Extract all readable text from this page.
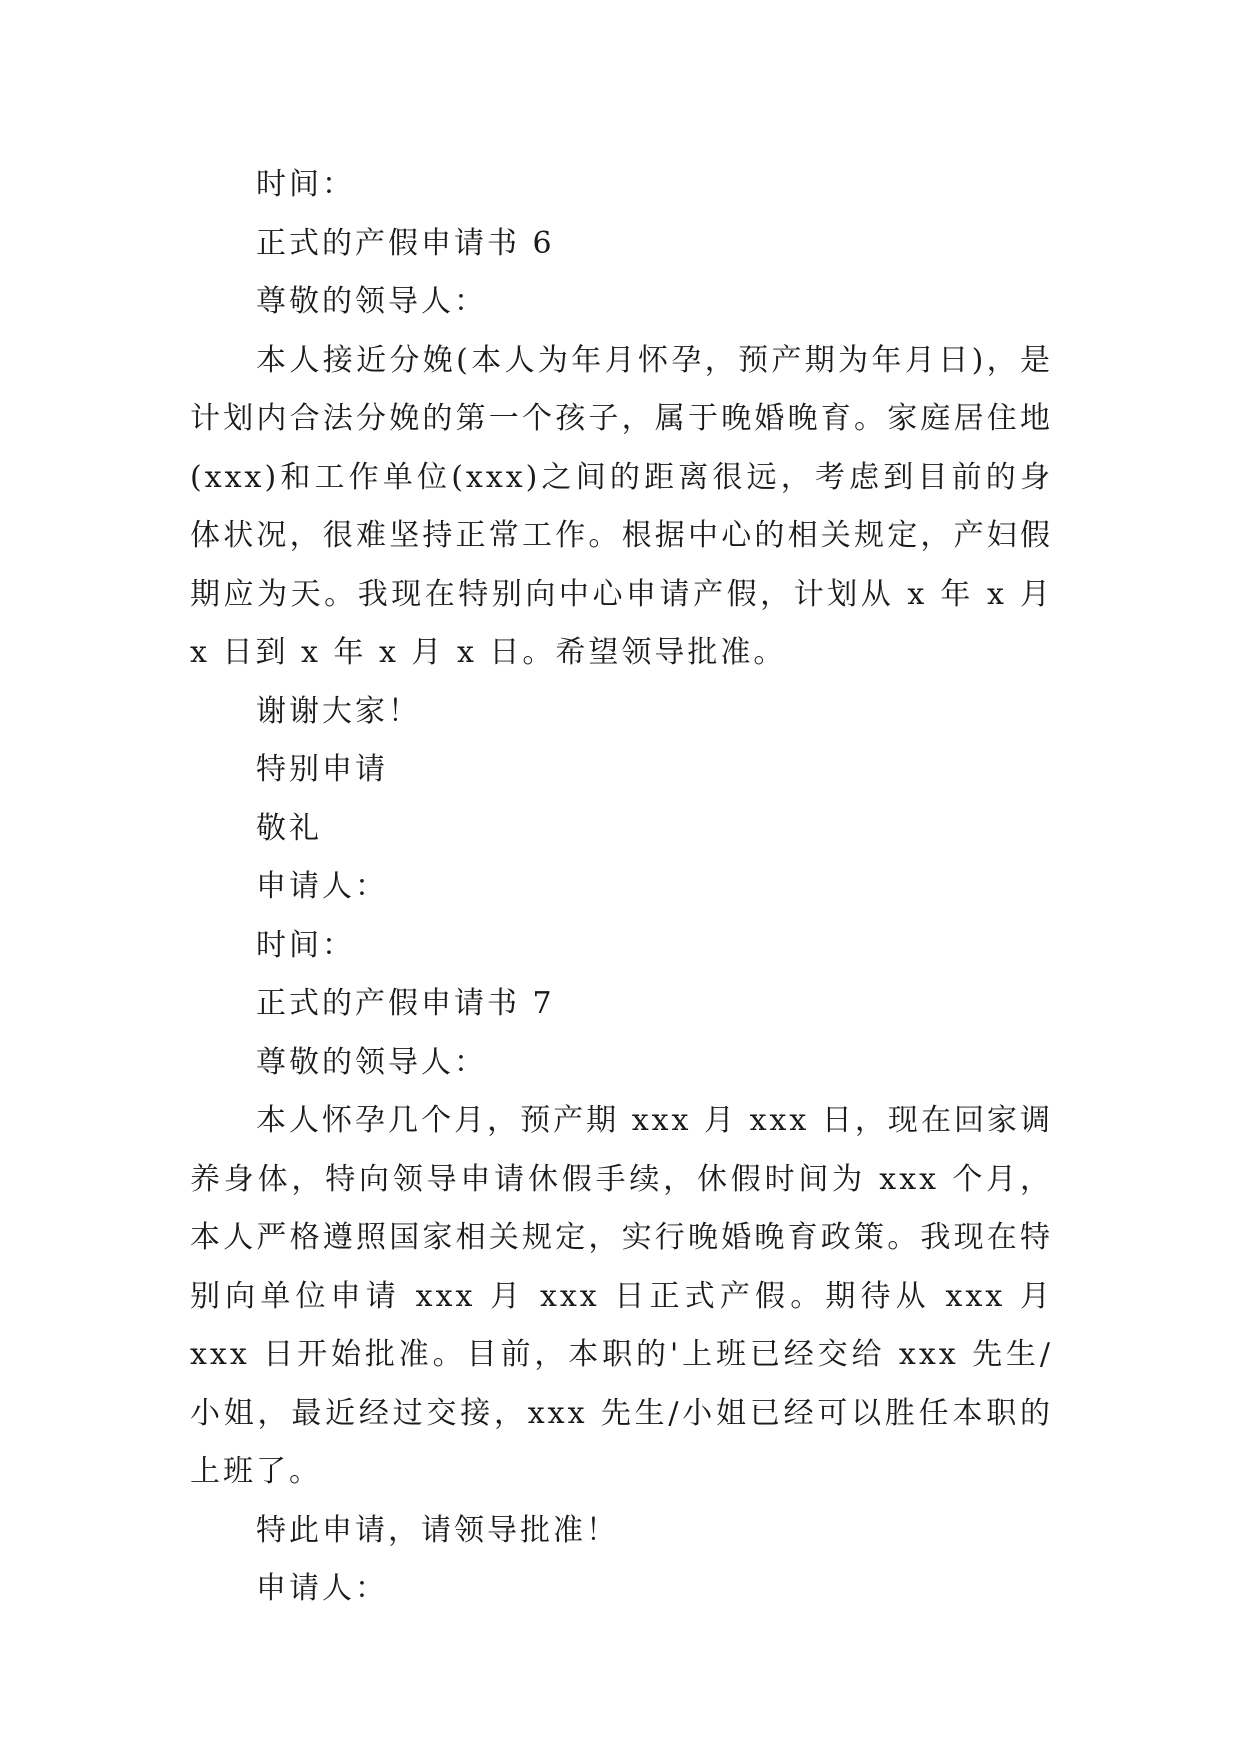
时间：
正式的产假申请书 6
尊敬的领导人：

本人接近分娩(本人为年月怀孕，预产期为年月日)，是计划内合法分娩的第一个孩子，属于晚婚晚育。家庭居住地(xxx)和工作单位(xxx)之间的距离很远，考虑到目前的身体状况，很难坚持正常工作。根据中心的相关规定，产妇假期应为天。我现在特别向中心申请产假，计划从 x 年 x 月 x 日到 x 年 x 月 x 日。希望领导批准。

谢谢大家！
特别申请
敬礼
申请人：
时间：
正式的产假申请书 7
尊敬的领导人：

本人怀孕几个月，预产期 xxx 月 xxx 日，现在回家调养身体，特向领导申请休假手续，休假时间为 xxx 个月，本人严格遵照国家相关规定，实行晚婚晚育政策。我现在特别向单位申请 xxx 月 xxx 日正式产假。期待从 xxx 月 xxx 日开始批准。目前，本职的'上班已经交给 xxx 先生/小姐，最近经过交接，xxx 先生/小姐已经可以胜任本职的上班了。

特此申请，请领导批准！
申请人：
